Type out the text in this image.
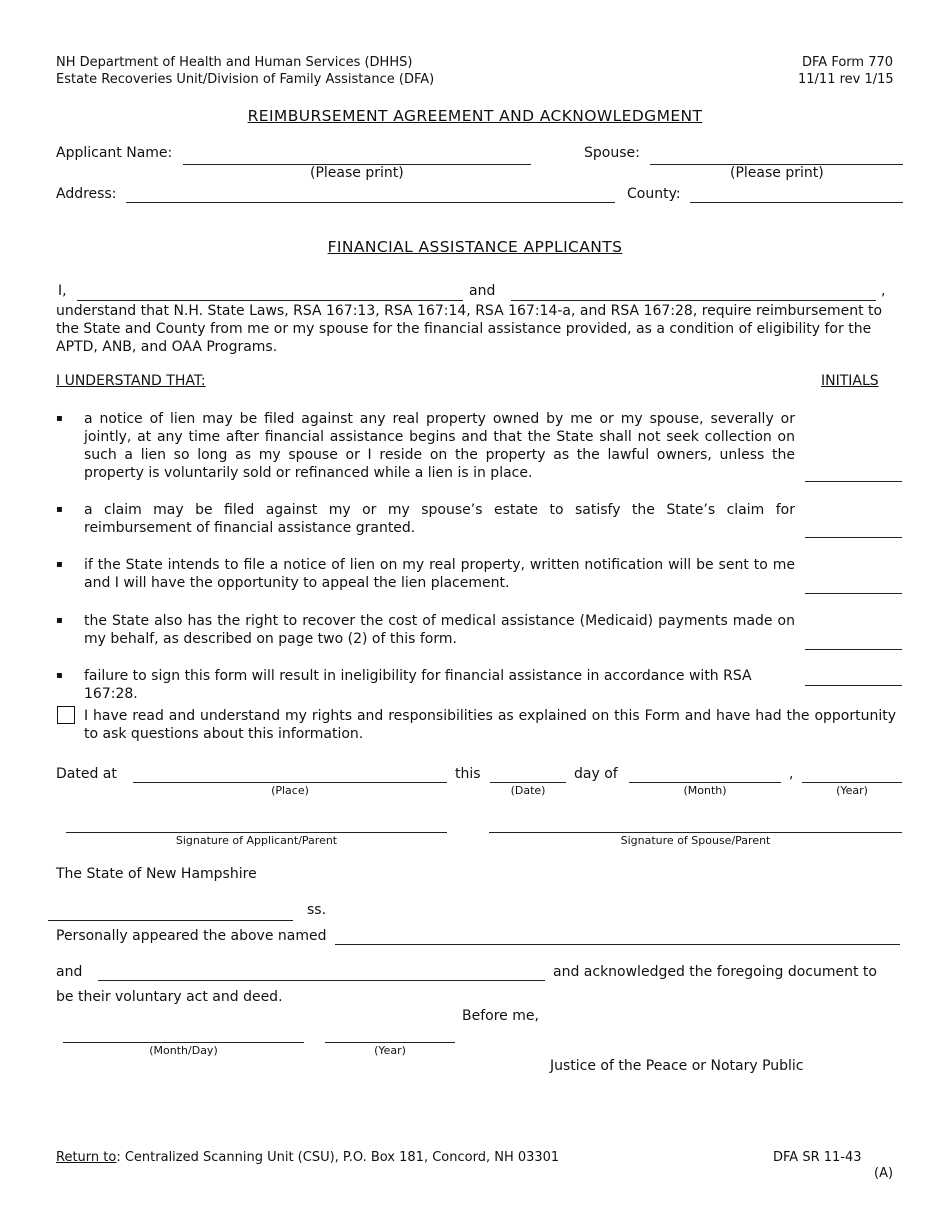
NH Department of Health and Human Services (DHHS)
Estate Recoveries Unit/Division of Family Assistance (DFA)
DFA Form 770
11/11 rev 1/15
REIMBURSEMENT AGREEMENT AND ACKNOWLEDGMENT
Applicant Name:
(Please print)
Spouse:
(Please print)
Address:	County:
FINANCIAL ASSISTANCE APPLICANTS
I,	and	,
understand that N.H. State Laws, RSA 167:13, RSA 167:14, RSA 167:14-a, and RSA 167:28, require reimbursement to the State and County from me or my spouse for the financial assistance provided, as a condition of eligibility for the APTD, ANB, and OAA Programs.
I UNDERSTAND THAT:	INITIALS
▪ a notice of lien may be filed against any real property owned by me or my spouse, severally or jointly, at any time after financial assistance begins and that the State shall not seek collection on such a lien so long as my spouse or I reside on the property as the lawful owners, unless the property is voluntarily sold or refinanced while a lien is in place.
▪ a claim may be filed against my or my spouse’s estate to satisfy the State’s claim for reimbursement of financial assistance granted.
▪ if the State intends to file a notice of lien on my real property, written notification will be sent to me and I will have the opportunity to appeal the lien placement.
▪ the State also has the right to recover the cost of medical assistance (Medicaid) payments made on my behalf, as described on page two (2) of this form.
▪ failure to sign this form will result in ineligibility for financial assistance in accordance with RSA 167:28.
I have read and understand my rights and responsibilities as explained on this Form and have had the opportunity to ask questions about this information.
Dated at	this	day of	,
(Place)	(Date)	(Month)	(Year)
Signature of Applicant/Parent	Signature of Spouse/Parent
The State of New Hampshire
ss.
Personally appeared the above named
and	and acknowledged the foregoing document to
be their voluntary act and deed.
Before me,
(Month/Day)	(Year)
Justice of the Peace or Notary Public
Return to: Centralized Scanning Unit (CSU), P.O. Box 181, Concord, NH 03301	DFA SR 11-43
(A)
